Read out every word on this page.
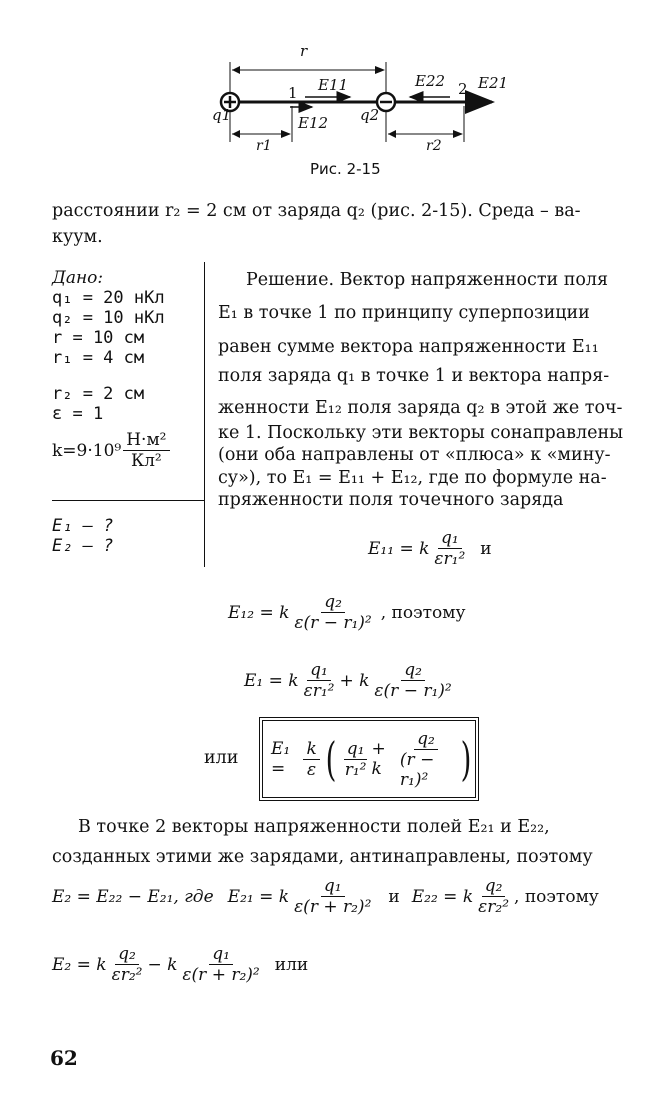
r
1 E11
E12
E22 2 E21
q1	q2
r1	r2
Рис. 2-15
расстоянии r₂ = 2 см от заряда q₂ (рис. 2-15). Среда – ва-
куум.
Дано:
q₁ = 20 нКл
q₂ = 10 нКл
r = 10 см
r₁ = 4 см
r₂ = 2 см
ε = 1
$k=9\cdot 10^9 \frac{\text{Н·м²}}{\text{Кл²}}$
E₁ – ?
E₂ – ?
Решение. Вектор напряженности поля
E₁ в точке 1 по принципу суперпозиции
равен сумме вектора напряженности E₁₁
поля заряда q₁ в точке 1 и вектора напря-
женности E₁₂ поля заряда q₂ в этой же точ-
ке 1. Поскольку эти векторы сонаправлены
(они оба направлены от «плюса» к «мину-
су»), то E₁ = E₁₁ + E₁₂, где по формуле на-
пряженности поля точечного заряда
E₁₁ = k $\frac{\text{q₁}}{\text{εr₁²}}$ и
E₁₂ = k $\frac{\text{q₂}}{\text{ε(r − r₁)²}}$ , поэтому
E₁ = k $\frac{\text{q₁}}{\text{εr₁²}} + k \frac{\text{q₂}}{\text{ε(r − r₁)²}}$
или E₁ =	$\frac{k}{\varepsilon}$ ( $\frac{\text{q₁}}{\text{r₁²}} + k \frac{\text{q₂}}{\text{(r − r₁)²}}$ )
В точке 2 векторы напряженности полей E₂₁ и E₂₂,
созданных этими же зарядами, антинаправлены, поэтому
E₂ = E₂₂ − E₂₁, где E₂₁ = k $\frac{\text{q₁}}{\text{ε(r + r₂)²}}$ и E₂₂ = k $\frac{\text{q₂}}{\text{εr₂²}}$ , поэтому
E₂ = k $\frac{\text{q₂}}{\text{εr₂²}} - k \frac{\text{q₁}}{\text{ε(r + r₂)²}}$ или
62
